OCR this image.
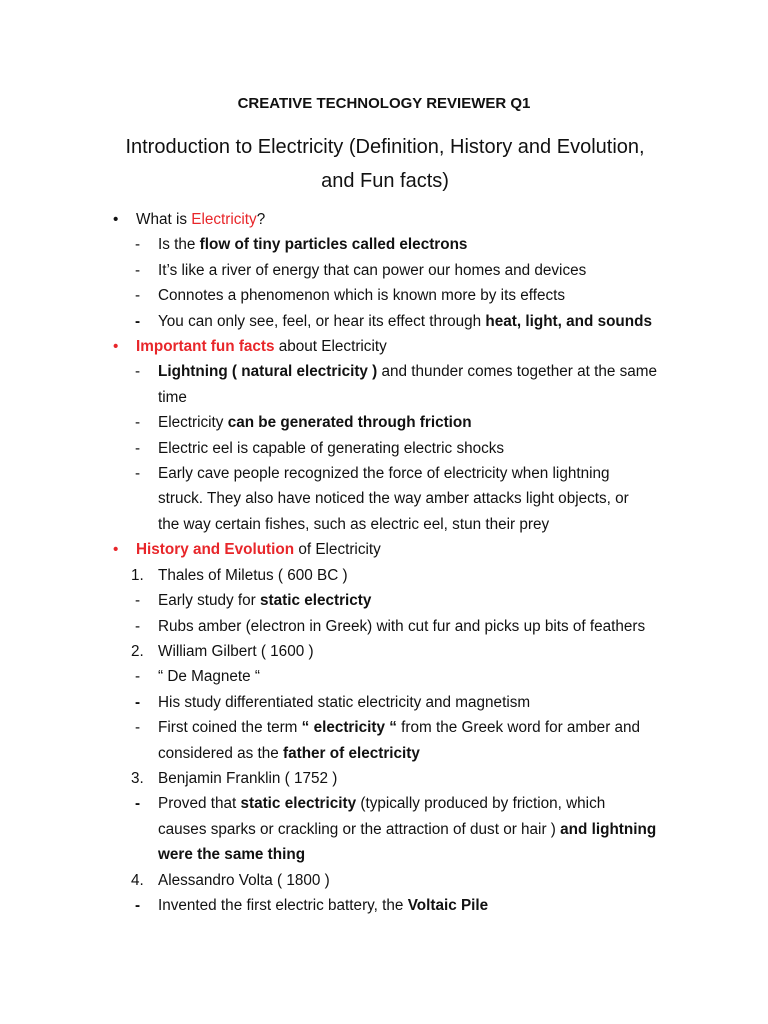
CREATIVE TECHNOLOGY REVIEWER Q1
Introduction to Electricity (Definition, History and Evolution,
and Fun facts)
• What is Electricity?
- Is the flow of tiny particles called electrons
- It’s like a river of energy that can power our homes and devices
- Connotes a phenomenon which is known more by its effects
- You can only see, feel, or hear its effect through heat, light, and sounds
• Important fun facts about Electricity
- Lightning ( natural electricity ) and thunder comes together at the same
time
- Electricity can be generated through friction
- Electric eel is capable of generating electric shocks
- Early cave people recognized the force of electricity when lightning
struck. They also have noticed the way amber attacks light objects, or
the way certain fishes, such as electric eel, stun their prey
• History and Evolution of Electricity
1. Thales of Miletus ( 600 BC )
- Early study for static electricty
- Rubs amber (electron in Greek) with cut fur and picks up bits of feathers
2. William Gilbert ( 1600 )
- “ De Magnete “
- His study differentiated static electricity and magnetism
- First coined the term “ electricity “ from the Greek word for amber and
considered as the father of electricity
3. Benjamin Franklin ( 1752 )
- Proved that static electricity (typically produced by friction, which
causes sparks or crackling or the attraction of dust or hair ) and lightning
were the same thing
4. Alessandro Volta ( 1800 )
- Invented the first electric battery, the Voltaic Pile
